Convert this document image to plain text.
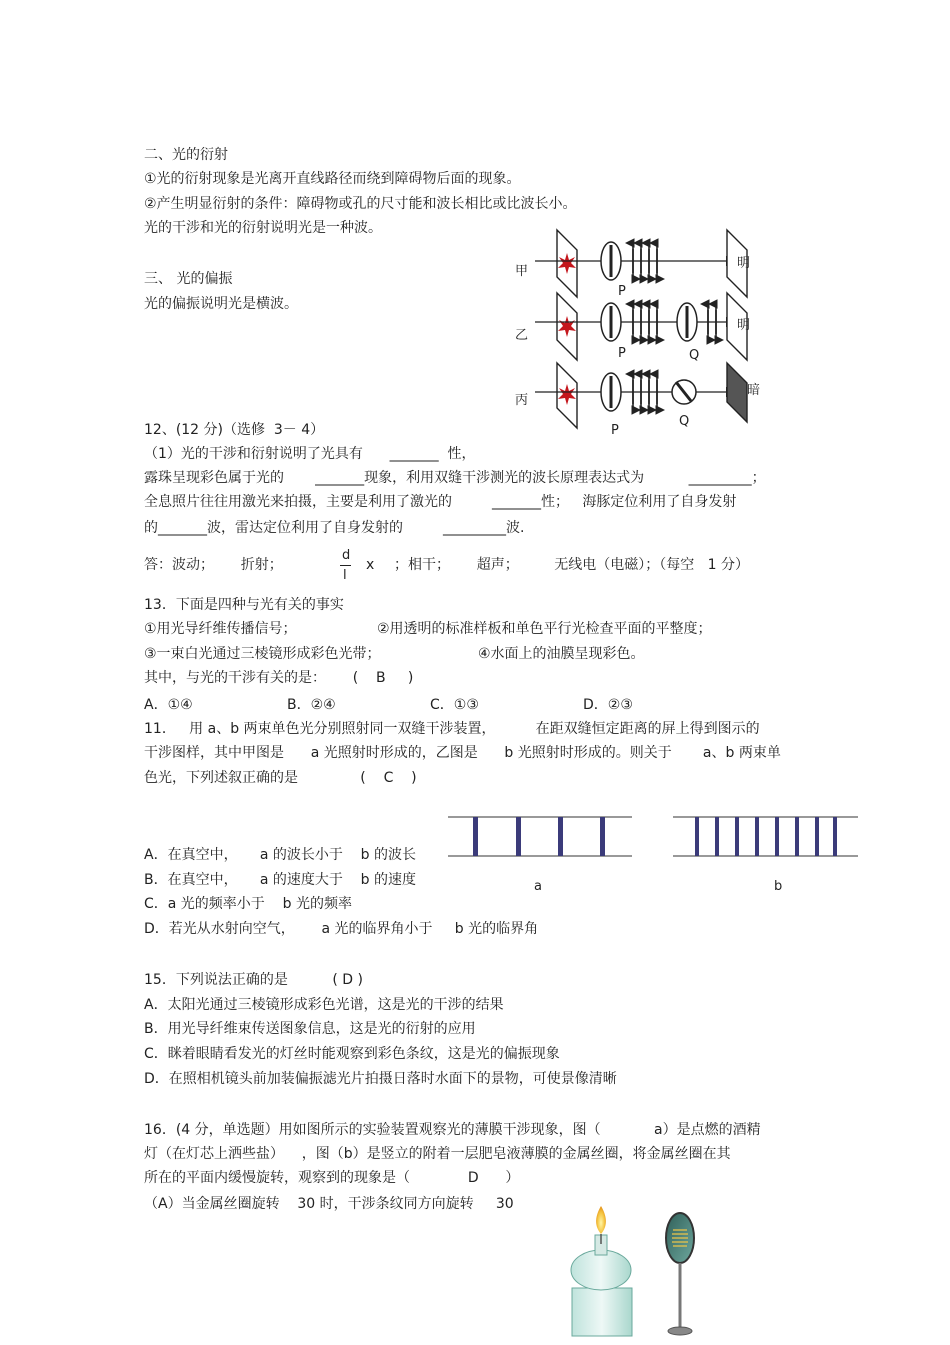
二、光的衍射
①光的衍射现象是光离开直线路径而绕到障碍物后面的现象。
②产生明显衍射的条件：障碍物或孔的尺寸能和波长相比或比波长小。
光的干涉和光的衍射说明光是一种波。
三、 光的偏振
光的偏振说明光是横波。
12、(12 分)（选修  3－ 4）
（1）光的干涉和衍射说明了光具有      _______  性，
露珠呈现彩色属于光的       _______现象，利用双缝干涉测光的波长原理表达式为          _________；
全息照片往往用激光来拍摄，主要是利用了激光的         _______性；   海豚定位利用了自身发射
的_______波，雷达定位利用了自身发射的         _________波.
答：波动；      折射；
d
l
x ；相干；      超声；        无线电（电磁）；（每空   1 分）
13．下面是四种与光有关的事实
①用光导纤维传播信号；	②用透明的标准样板和单色平行光检查平面的平整度；
③一束白光通过三棱镜形成彩色光带；	④水面上的油膜呈现彩色。
其中，与光的干涉有关的是：      (    B     )
A．①④	B．②④	C．①③	D．②③
11．   用 a、b 两束单色光分别照射同一双缝干涉装置，         在距双缝恒定距离的屏上得到图示的
干涉图样，其中甲图是      a 光照射时形成的，乙图是      b 光照射时形成的。则关于       a、b 两束单
色光，下列述叙正确的是              (    C    )
A．在真空中，     a 的波长小于    b 的波长
B．在真空中，     a 的速度大于    b 的速度
C．a 光的频率小于    b 光的频率
D．若光从水射向空气，      a 光的临界角小于     b 光的临界角
15．下列说法正确的是          ( D )
A．太阳光通过三棱镜形成彩色光谱，这是光的干涉的结果
B．用光导纤维束传送图象信息，这是光的衍射的应用
C．眯着眼睛看发光的灯丝时能观察到彩色条纹，这是光的偏振现象
D．在照相机镜头前加装偏振滤光片拍摄日落时水面下的景物，可使景像清晰
16．(4 分，单选题）用如图所示的实验装置观察光的薄膜干涉现象，图（            a）是点燃的酒精
灯（在灯芯上洒些盐）    ，图（b）是竖立的附着一层肥皂液薄膜的金属丝圈，将金属丝圈在其
所在的平面内缓慢旋转，观察到的现象是（             D      ）
（A）当金属丝圈旋转    30 时，干涉条纹同方向旋转     30
甲
明
P
乙
明
P	Q
丙
暗
P
Q
a	b
